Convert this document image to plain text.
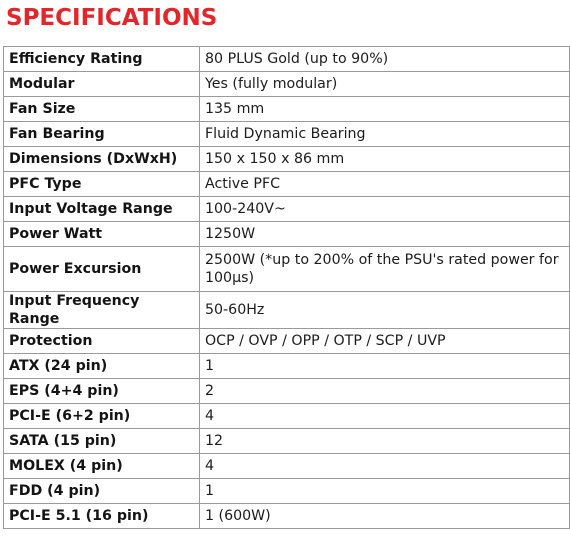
SPECIFICATIONS
Efficiency Rating	80 PLUS Gold (up to 90%)
Modular	Yes (fully modular)
Fan Size	135 mm
Fan Bearing	Fluid Dynamic Bearing
Dimensions (DxWxH)	150 x 150 x 86 mm
PFC Type	Active PFC
Input Voltage Range	100-240V~
Power Watt	1250W
Power Excursion	2500W (*up to 200% of the PSU's rated power for 100µs)
Input Frequency Range	50-60Hz
Protection	OCP / OVP / OPP / OTP / SCP / UVP
ATX (24 pin)	1
EPS (4+4 pin)	2
PCI-E (6+2 pin)	4
SATA (15 pin)	12
MOLEX (4 pin)	4
FDD (4 pin)	1
PCI-E 5.1 (16 pin)	1 (600W)
